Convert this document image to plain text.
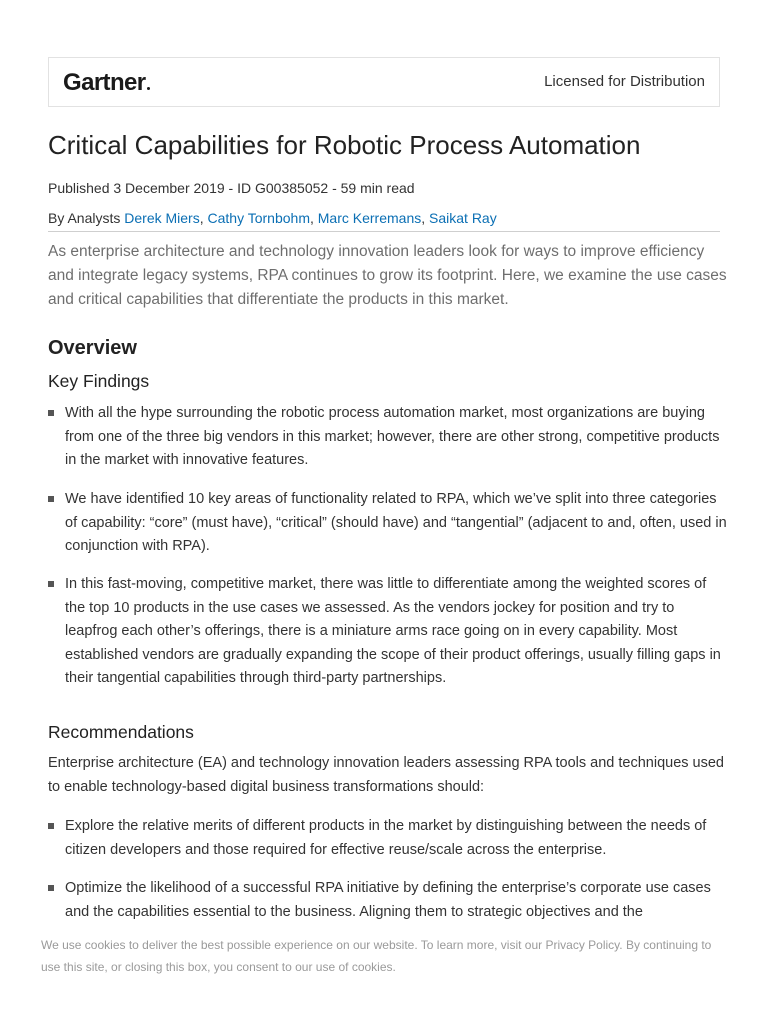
Gartner	Licensed for Distribution
Critical Capabilities for Robotic Process Automation
Published 3 December 2019 - ID G00385052 - 59 min read
By Analysts Derek Miers, Cathy Tornbohm, Marc Kerremans, Saikat Ray

As enterprise architecture and technology innovation leaders look for ways to improve efficiency and integrate legacy systems, RPA continues to grow its footprint. Here, we examine the use cases and critical capabilities that differentiate the products in this market.

Overview
Key Findings
With all the hype surrounding the robotic process automation market, most organizations are buying from one of the three big vendors in this market; however, there are other strong, competitive products in the market with innovative features.
We have identified 10 key areas of functionality related to RPA, which we’ve split into three categories of capability: “core” (must have), “critical” (should have) and “tangential” (adjacent to and, often, used in conjunction with RPA).
In this fast-moving, competitive market, there was little to differentiate among the weighted scores of the top 10 products in the use cases we assessed. As the vendors jockey for position and try to leapfrog each other’s offerings, there is a miniature arms race going on in every capability. Most established vendors are gradually expanding the scope of their product offerings, usually filling gaps in their tangential capabilities through third-party partnerships.
Recommendations

Enterprise architecture (EA) and technology innovation leaders assessing RPA tools and techniques used to enable technology-based digital business transformations should:

Explore the relative merits of different products in the market by distinguishing between the needs of citizen developers and those required for effective reuse/scale across the enterprise.
Optimize the likelihood of a successful RPA initiative by defining the enterprise’s corporate use cases and the capabilities essential to the business. Aligning them to strategic objectives and the
We use cookies to deliver the best possible experience on our website. To learn more, visit our Privacy Policy. By continuing to use this site, or closing this box, you consent to our use of cookies.
